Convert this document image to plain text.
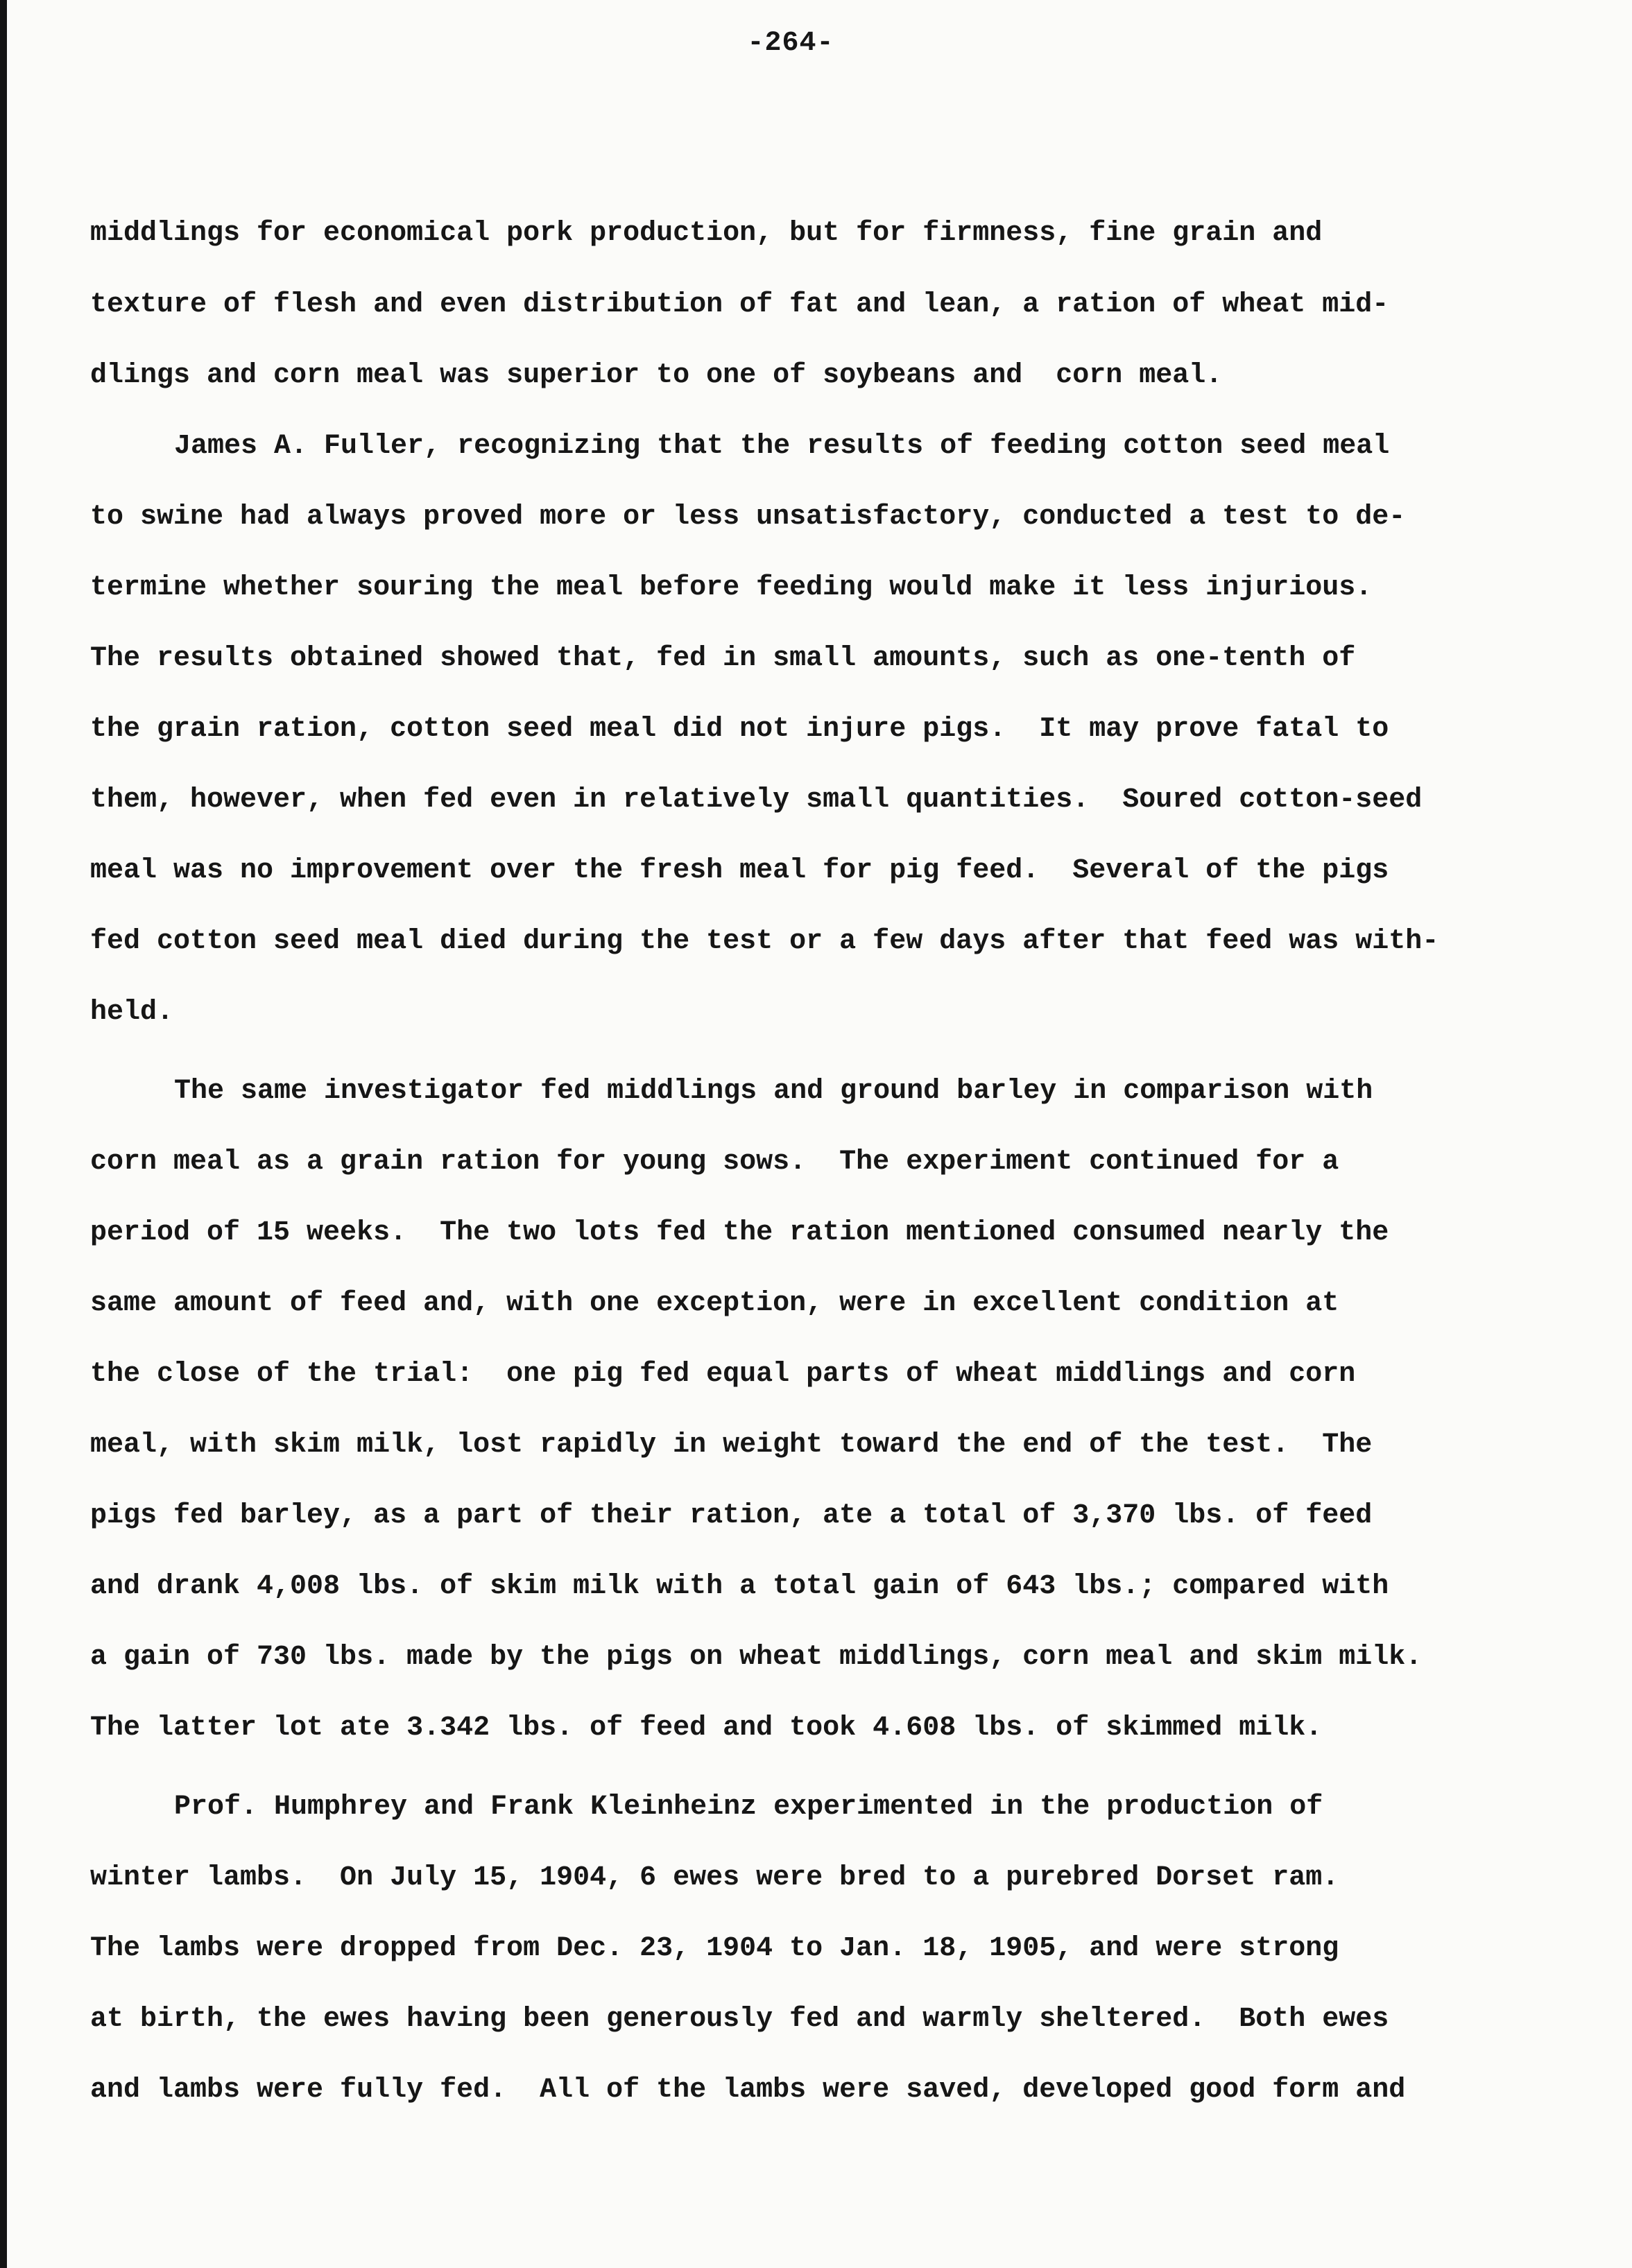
-264-
middlings for economical pork production, but for firmness, fine grain and
texture of flesh and even distribution of fat and lean, a ration of wheat mid-
dlings and corn meal was superior to one of soybeans and  corn meal.
James A. Fuller, recognizing that the results of feeding cotton seed meal
to swine had always proved more or less unsatisfactory, conducted a test to de-
termine whether souring the meal before feeding would make it less injurious.
The results obtained showed that, fed in small amounts, such as one-tenth of
the grain ration, cotton seed meal did not injure pigs.  It may prove fatal to
them, however, when fed even in relatively small quantities.  Soured cotton-seed
meal was no improvement over the fresh meal for pig feed.  Several of the pigs
fed cotton seed meal died during the test or a few days after that feed was with-
held.
The same investigator fed middlings and ground barley in comparison with
corn meal as a grain ration for young sows.  The experiment continued for a
period of 15 weeks.  The two lots fed the ration mentioned consumed nearly the
same amount of feed and, with one exception, were in excellent condition at
the close of the trial:  one pig fed equal parts of wheat middlings and corn
meal, with skim milk, lost rapidly in weight toward the end of the test.  The
pigs fed barley, as a part of their ration, ate a total of 3,370 lbs. of feed
and drank 4,008 lbs. of skim milk with a total gain of 643 lbs.; compared with
a gain of 730 lbs. made by the pigs on wheat middlings, corn meal and skim milk.
The latter lot ate 3.342 lbs. of feed and took 4.608 lbs. of skimmed milk.
Prof. Humphrey and Frank Kleinheinz experimented in the production of
winter lambs.  On July 15, 1904, 6 ewes were bred to a purebred Dorset ram.
The lambs were dropped from Dec. 23, 1904 to Jan. 18, 1905, and were strong
at birth, the ewes having been generously fed and warmly sheltered.  Both ewes
and lambs were fully fed.  All of the lambs were saved, developed good form and
